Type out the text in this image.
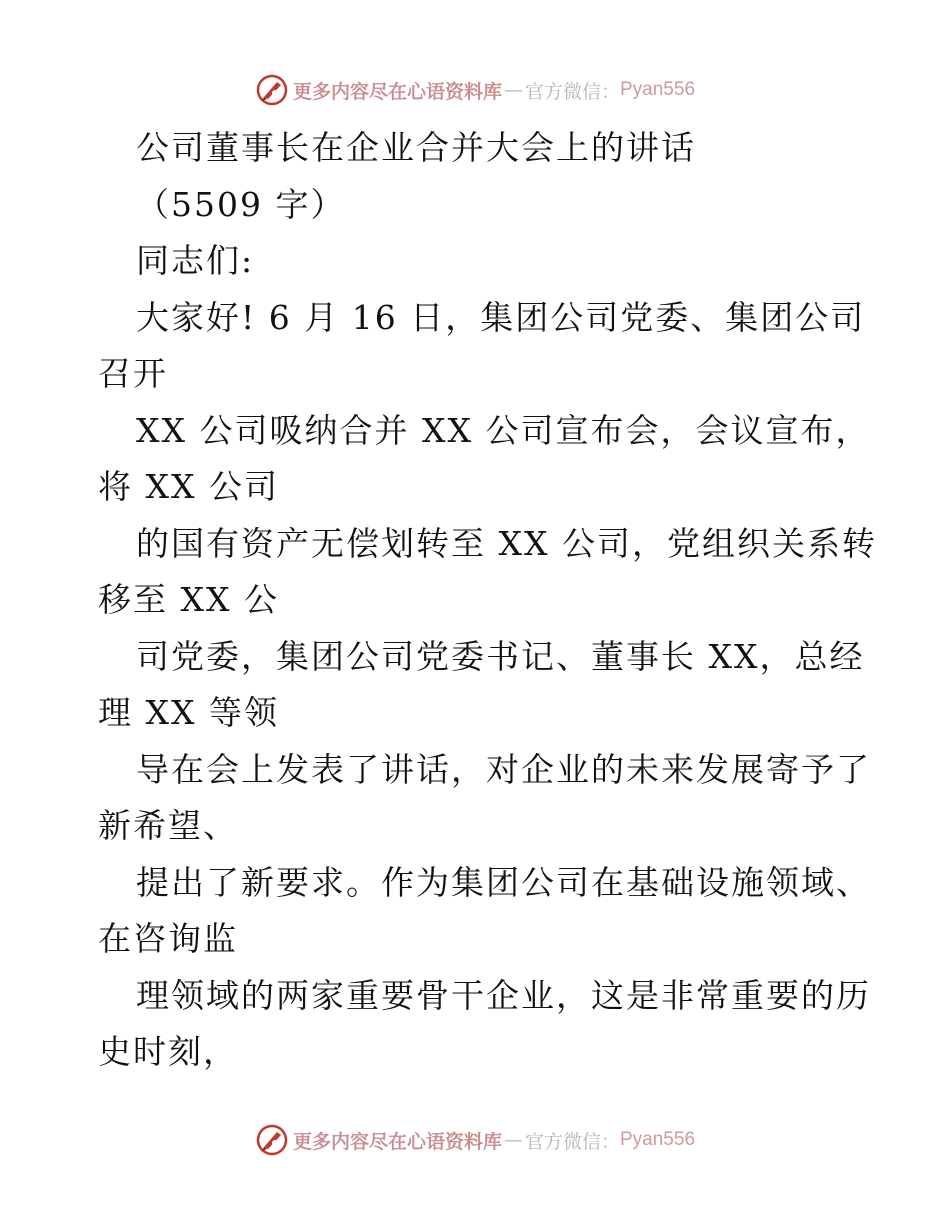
更多内容尽在心语资料库 — 官方微信： Pyan556
公司董事长在企业合并大会上的讲话
（5509 字）
同志们:
大家好! 6 月 16 日，集团公司党委、集团公司
召开
XX 公司吸纳合并 XX 公司宣布会，会议宣布，
将 XX 公司
的国有资产无偿划转至 XX 公司，党组织关系转
移至 XX 公
司党委，集团公司党委书记、董事长 XX，总经
理 XX 等领
导在会上发表了讲话，对企业的未来发展寄予了
新希望、
提出了新要求。作为集团公司在基础设施领域、
在咨询监
理领域的两家重要骨干企业，这是非常重要的历
史时刻，
更多内容尽在心语资料库 — 官方微信： Pyan556
